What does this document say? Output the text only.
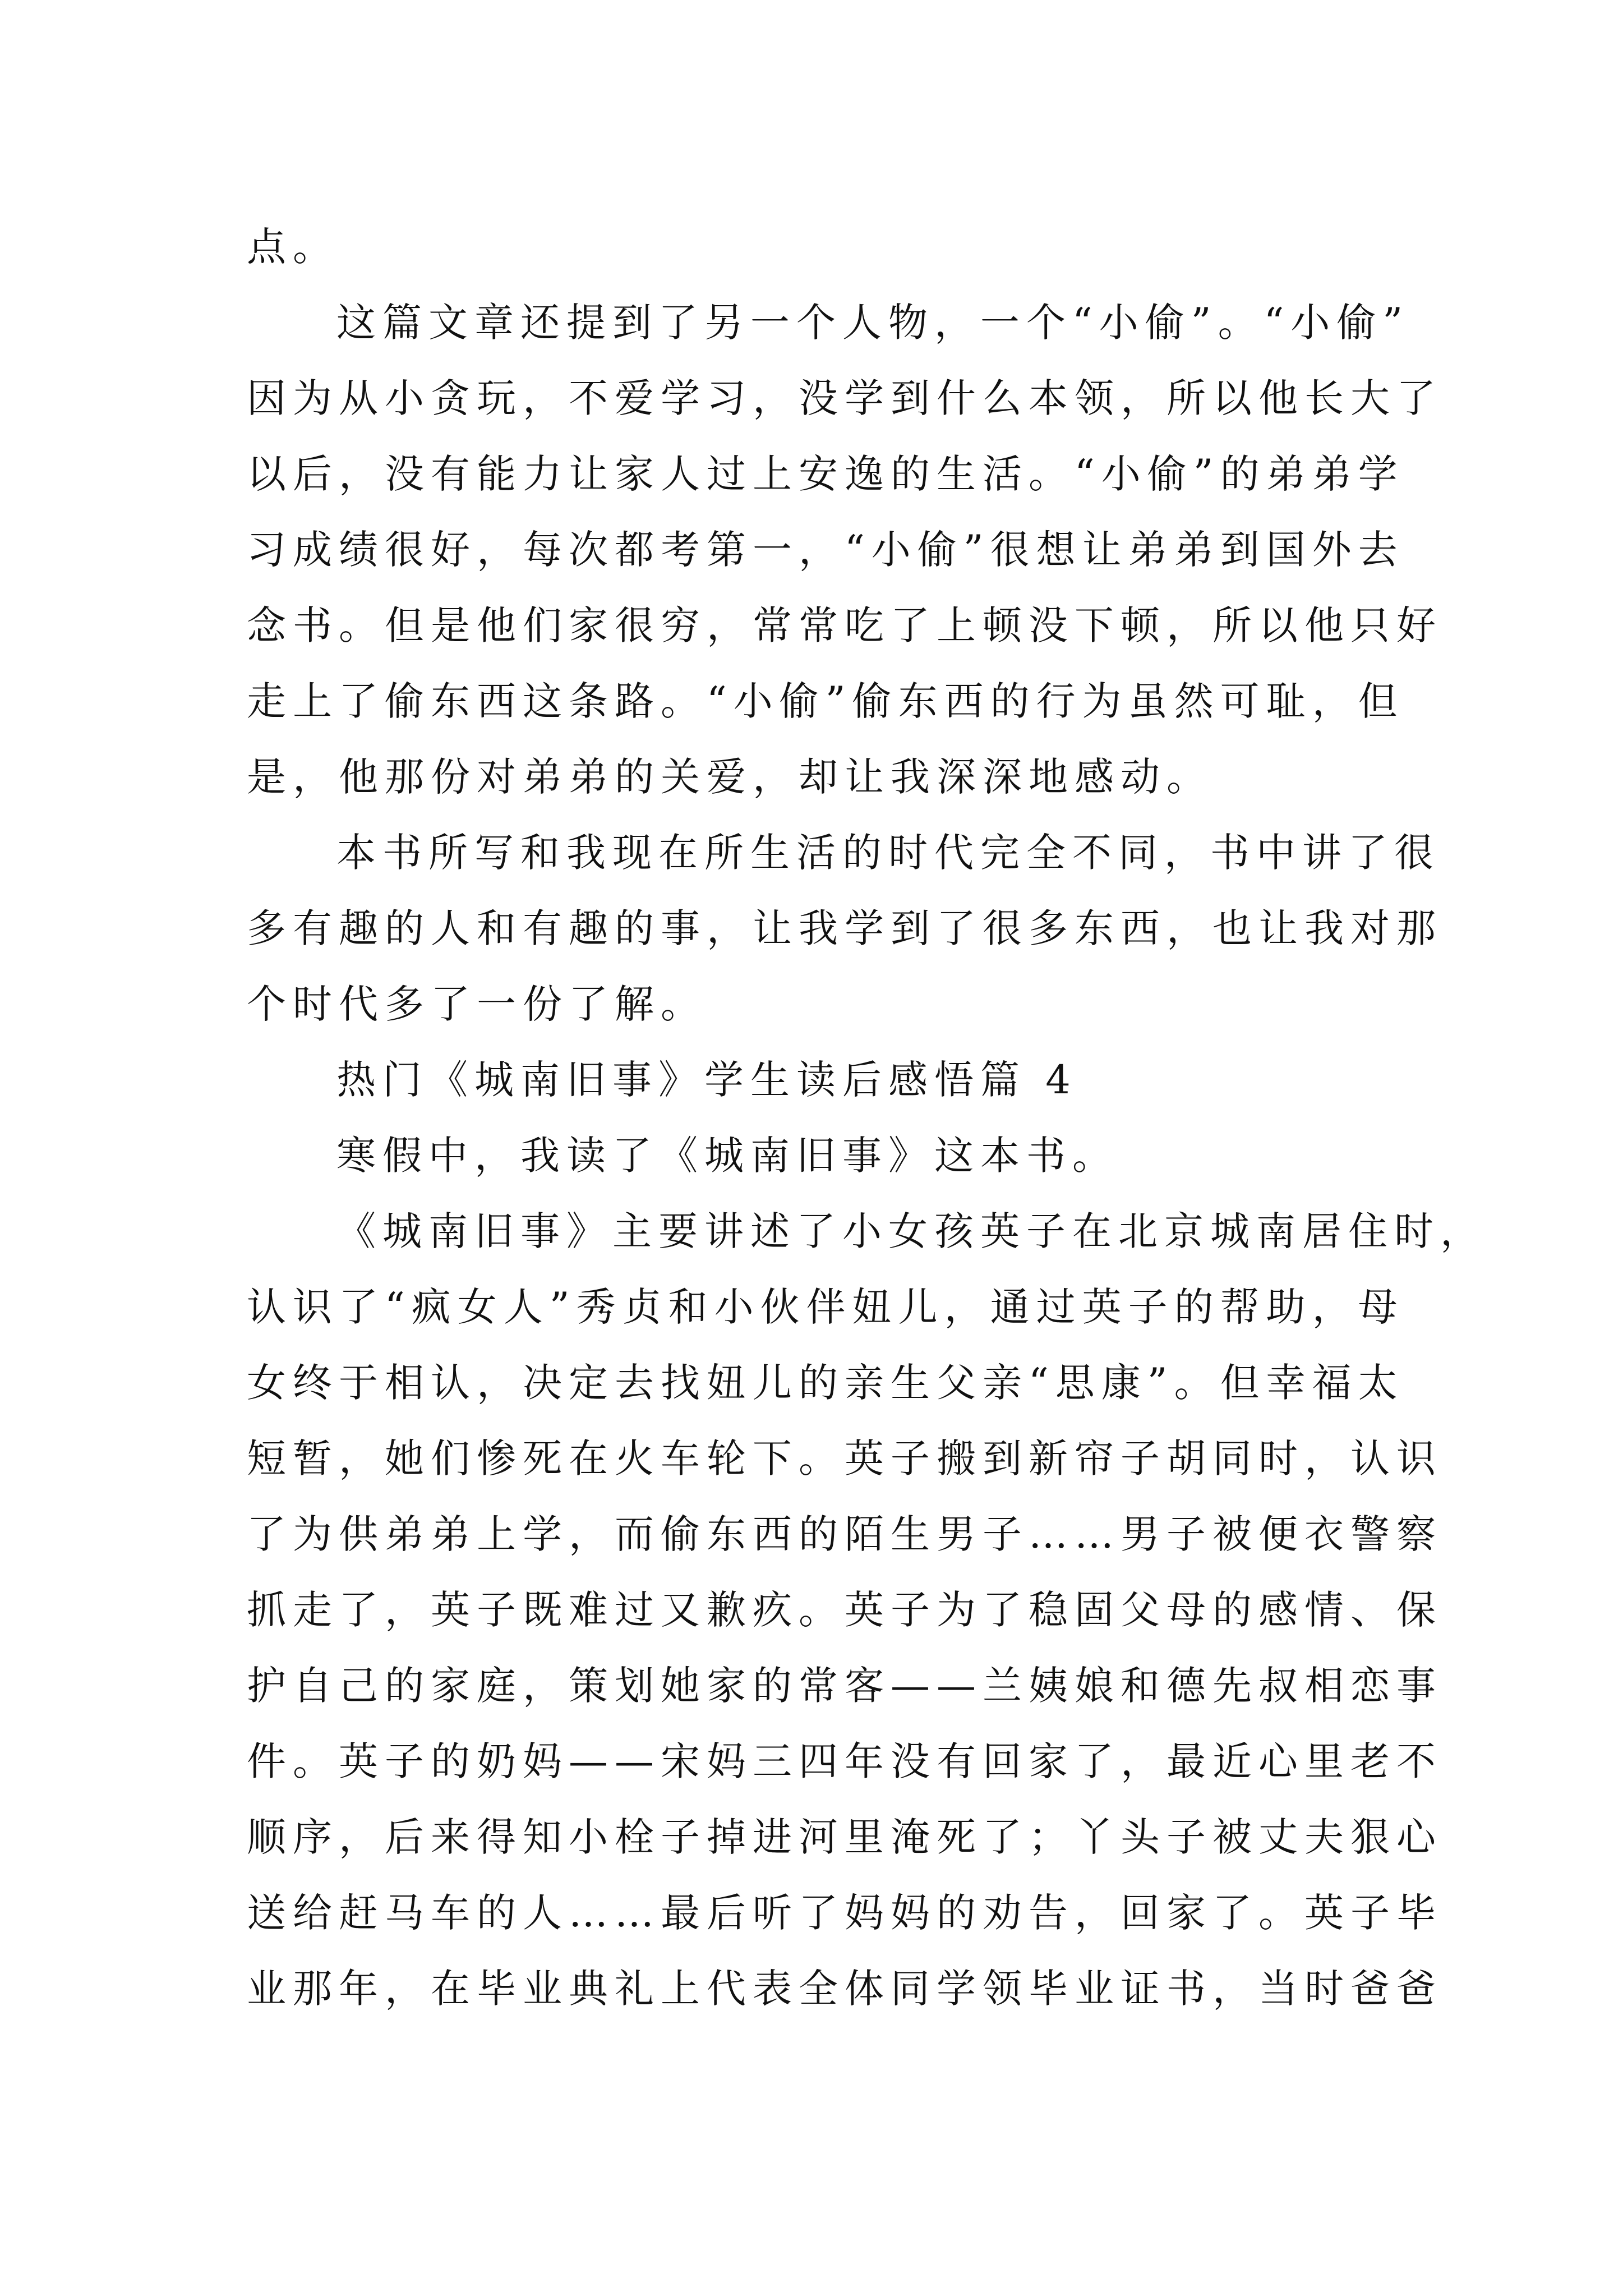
点。
这篇文章还提到了另一个人物，一个“小偷”。“小偷”
因为从小贪玩，不爱学习，没学到什么本领，所以他长大了
以后，没有能力让家人过上安逸的生活。“小偷”的弟弟学
习成绩很好，每次都考第一，“小偷”很想让弟弟到国外去
念书。但是他们家很穷，常常吃了上顿没下顿，所以他只好
走上了偷东西这条路。“小偷”偷东西的行为虽然可耻，但
是，他那份对弟弟的关爱，却让我深深地感动。
本书所写和我现在所生活的时代完全不同，书中讲了很
多有趣的人和有趣的事，让我学到了很多东西，也让我对那
个时代多了一份了解。
热门《城南旧事》学生读后感悟篇 4
寒假中，我读了《城南旧事》这本书。
《城南旧事》主要讲述了小女孩英子在北京城南居住时，
认识了“疯女人”秀贞和小伙伴妞儿，通过英子的帮助，母
女终于相认，决定去找妞儿的亲生父亲“思康”。但幸福太
短暂，她们惨死在火车轮下。英子搬到新帘子胡同时，认识
了为供弟弟上学，而偷东西的陌生男子……男子被便衣警察
抓走了，英子既难过又歉疚。英子为了稳固父母的感情、保
护自己的家庭，策划她家的常客——兰姨娘和德先叔相恋事
件。英子的奶妈——宋妈三四年没有回家了，最近心里老不
顺序，后来得知小栓子掉进河里淹死了；丫头子被丈夫狠心
送给赶马车的人……最后听了妈妈的劝告，回家了。英子毕
业那年，在毕业典礼上代表全体同学领毕业证书，当时爸爸
